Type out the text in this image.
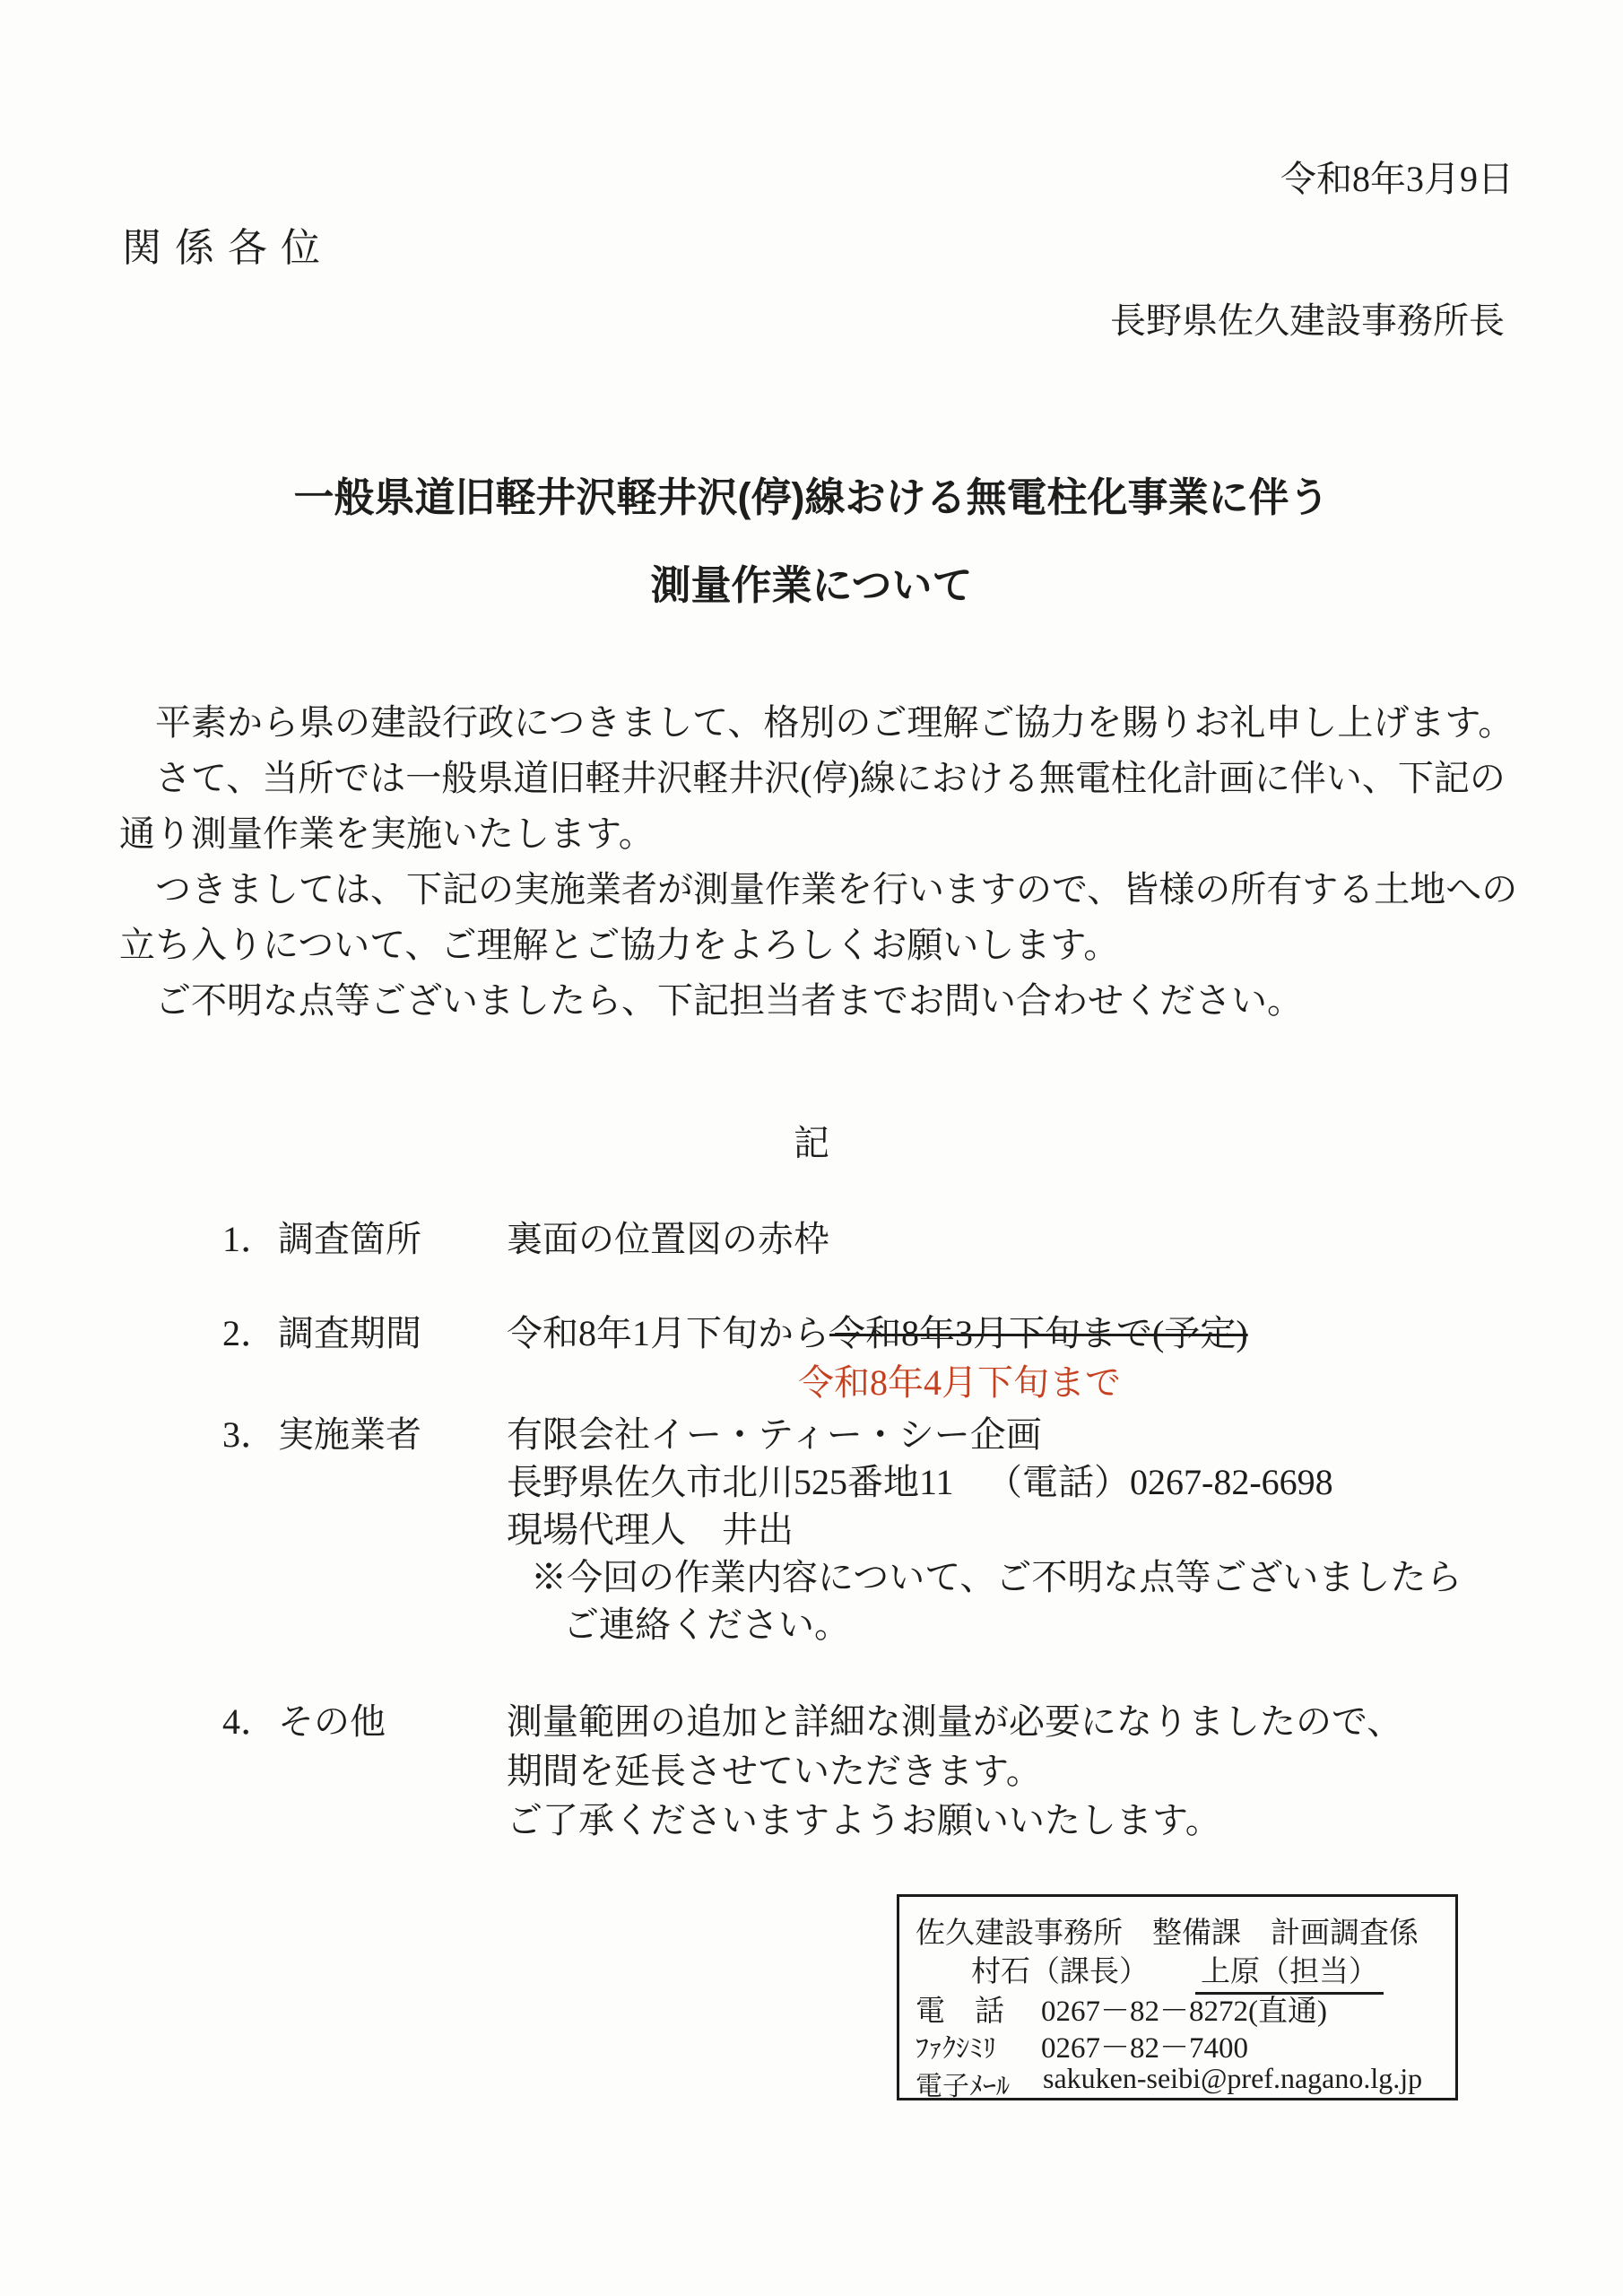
令和8年3月9日
関 係 各 位
長野県佐久建設事務所長
一般県道旧軽井沢軽井沢(停)線おける無電柱化事業に伴う
測量作業について

平素から県の建設行政につきまして、格別のご理解ご協力を賜りお礼申し上げます。

さて、当所では一般県道旧軽井沢軽井沢(停)線における無電柱化計画に伴い、下記の通り測量作業を実施いたします。

つきましては、下記の実施業者が測量作業を行いますので、皆様の所有する土地への立ち入りについて、ご理解とご協力をよろしくお願いします。

ご不明な点等ございましたら、下記担当者までお問い合わせください。

記
1．調査箇所 裏面の位置図の赤枠
2．調査期間 令和8年1月下旬から令和8年3月下旬まで(予定)
令和8年4月下旬まで
3．実施業者 有限会社イー・ティー・シー企画
長野県佐久市北川525番地11 （電話）0267-82-6698
現場代理人　井出
※今回の作業内容について、ご不明な点等ございましたら
ご連絡ください。
4．その他	測量範囲の追加と詳細な測量が必要になりましたので、
期間を延長させていただきます。
ご了承くださいますようお願いいたします。
佐久建設事務所　整備課　計画調査係
村石（課長） 上原（担当）
電　話 0267－82－8272(直通)
ﾌｧｸｼﾐﾘ 0267－82－7400
電子ﾒｰﾙ sakuken-seibi@pref.nagano.lg.jp
